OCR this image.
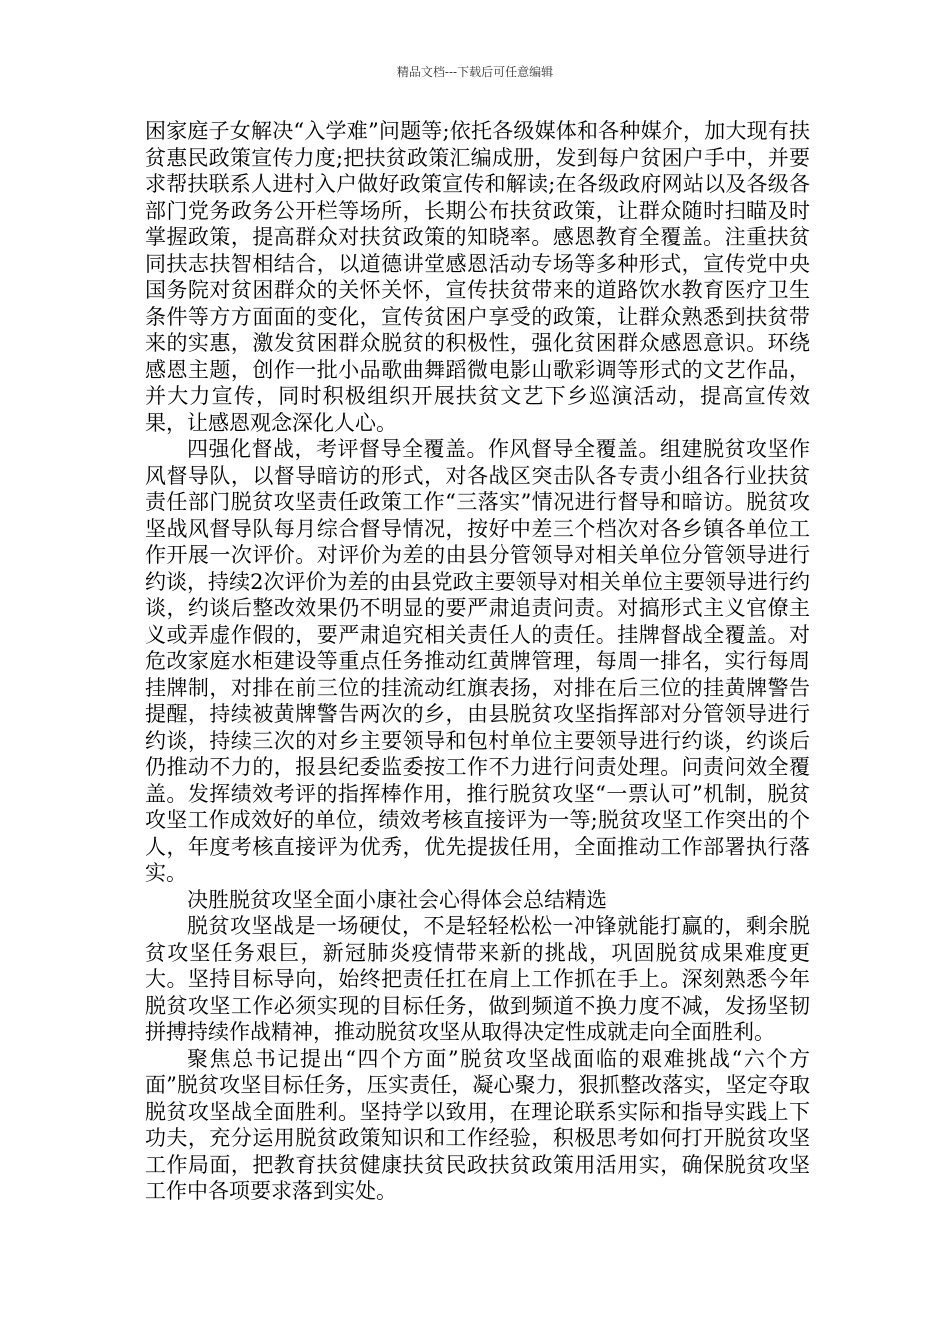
精品文档---下载后可任意编辑

困家庭子女解决“入学难”问题等;依托各级媒体和各种媒介，加大现有扶贫惠民政策宣传力度;把扶贫政策汇编成册，发到每户贫困户手中，并要求帮扶联系人进村入户做好政策宣传和解读;在各级政府网站以及各级各部门党务政务公开栏等场所，长期公布扶贫政策，让群众随时扫瞄及时掌握政策，提高群众对扶贫政策的知晓率。感恩教育全覆盖。注重扶贫同扶志扶智相结合，以道德讲堂感恩活动专场等多种形式，宣传党中央国务院对贫困群众的关怀关怀，宣传扶贫带来的道路饮水教育医疗卫生条件等方方面面的变化，宣传贫困户享受的政策，让群众熟悉到扶贫带来的实惠，激发贫困群众脱贫的积极性，强化贫困群众感恩意识。环绕感恩主题，创作一批小品歌曲舞蹈微电影山歌彩调等形式的文艺作品，并大力宣传，同时积极组织开展扶贫文艺下乡巡演活动，提高宣传效果，让感恩观念深化人心。

四强化督战，考评督导全覆盖。作风督导全覆盖。组建脱贫攻坚作风督导队，以督导暗访的形式，对各战区突击队各专责小组各行业扶贫责任部门脱贫攻坚责任政策工作“三落实”情况进行督导和暗访。脱贫攻坚战风督导队每月综合督导情况，按好中差三个档次对各乡镇各单位工作开展一次评价。对评价为差的由县分管领导对相关单位分管领导进行约谈，持续2次评价为差的由县党政主要领导对相关单位主要领导进行约谈，约谈后整改效果仍不明显的要严肃追责问责。对搞形式主义官僚主义或弄虚作假的，要严肃追究相关责任人的责任。挂牌督战全覆盖。对危改家庭水柜建设等重点任务推动红黄牌管理，每周一排名，实行每周挂牌制，对排在前三位的挂流动红旗表扬，对排在后三位的挂黄牌警告提醒，持续被黄牌警告两次的乡，由县脱贫攻坚指挥部对分管领导进行约谈，持续三次的对乡主要领导和包村单位主要领导进行约谈，约谈后仍推动不力的，报县纪委监委按工作不力进行问责处理。问责问效全覆盖。发挥绩效考评的指挥棒作用，推行脱贫攻坚“一票认可”机制，脱贫攻坚工作成效好的单位，绩效考核直接评为一等;脱贫攻坚工作突出的个人，年度考核直接评为优秀，优先提拔任用，全面推动工作部署执行落实。

决胜脱贫攻坚全面小康社会心得体会总结精选

脱贫攻坚战是一场硬仗，不是轻轻松松一冲锋就能打赢的，剩余脱贫攻坚任务艰巨，新冠肺炎疫情带来新的挑战，巩固脱贫成果难度更大。坚持目标导向，始终把责任扛在肩上工作抓在手上。深刻熟悉今年脱贫攻坚工作必须实现的目标任务，做到频道不换力度不减，发扬坚韧拼搏持续作战精神，推动脱贫攻坚从取得决定性成就走向全面胜利。

聚焦总书记提出“四个方面”脱贫攻坚战面临的艰难挑战“六个方面”脱贫攻坚目标任务，压实责任，凝心聚力，狠抓整改落实，坚定夺取脱贫攻坚战全面胜利。坚持学以致用，在理论联系实际和指导实践上下功夫，充分运用脱贫政策知识和工作经验，积极思考如何打开脱贫攻坚工作局面，把教育扶贫健康扶贫民政扶贫政策用活用实，确保脱贫攻坚工作中各项要求落到实处。
